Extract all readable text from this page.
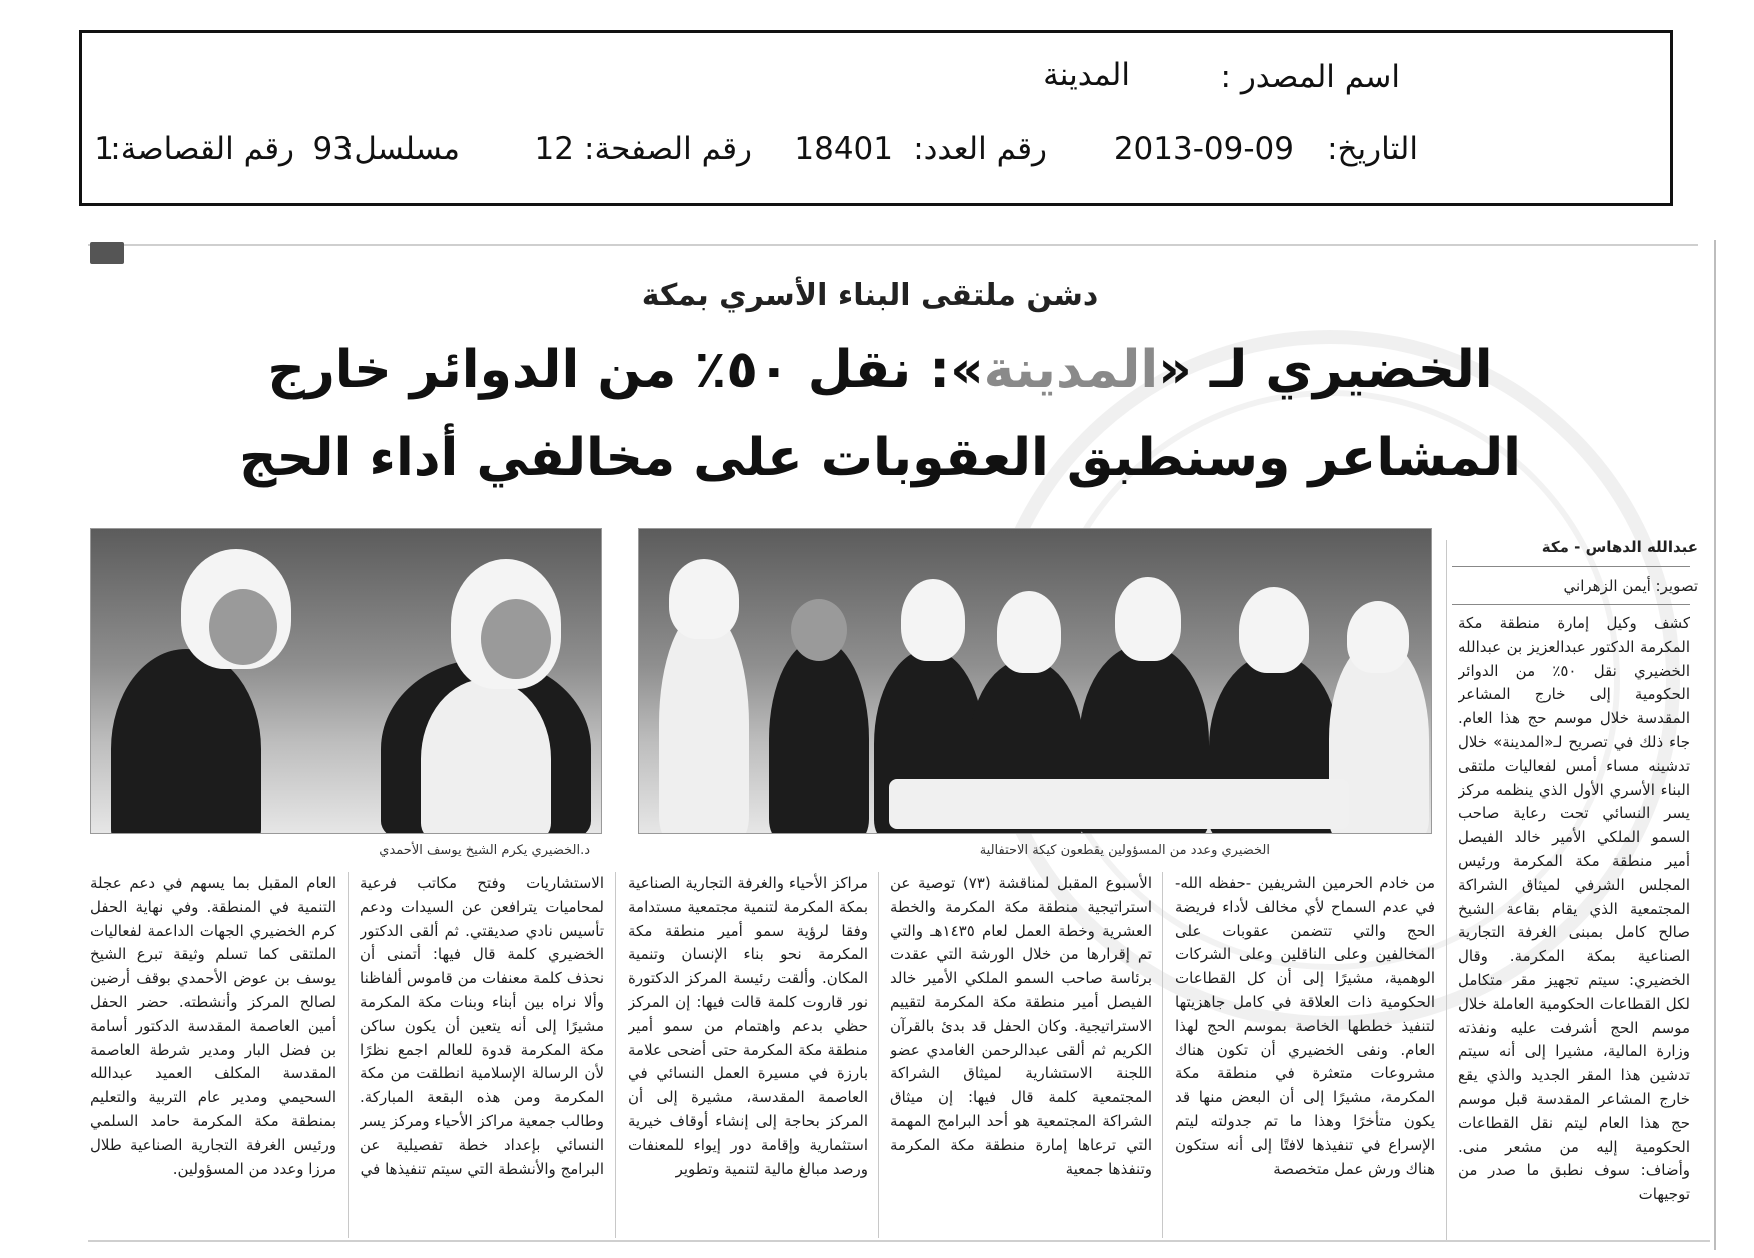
اسم المصدر :
المدينة
التاريخ:
2013-09-09
رقم العدد:
18401
رقم الصفحة:
12
مسلسل:
93
رقم القصاصة:
1
دشن ملتقى البناء الأسري بمكة
الخضيري لـ «المدينة»: نقل ٥٠٪ من الدوائر خارج
المشاعر وسنطبق العقوبات على مخالفي أداء الحج
عبدالله الدهاس - مكة
تصوير: أيمن الزهراني
الخضيري وعدد من المسؤولين يقطعون كيكة الاحتفالية
د.الخضيري يكرم الشيخ يوسف الأحمدي

كشف وكيل إمارة منطقة مكة المكرمة الدكتور عبدالعزيز بن عبدالله الخضيري نقل ٥٠٪ من الدوائر الحكومية إلى خارج المشاعر المقدسة خلال موسم حج هذا العام. جاء ذلك في تصريح لـ«المدينة» خلال تدشينه مساء أمس لفعاليات ملتقى البناء الأسري الأول الذي ينظمه مركز يسر النسائي تحت رعاية صاحب السمو الملكي الأمير خالد الفيصل أمير منطقة مكة المكرمة ورئيس المجلس الشرفي لميثاق الشراكة المجتمعية الذي يقام بقاعة الشيخ صالح كامل بمبنى الغرفة التجارية الصناعية بمكة المكرمة. وقال الخضيري: سيتم تجهيز مقر متكامل لكل القطاعات الحكومية العاملة خلال موسم الحج أشرفت عليه ونفذته وزارة المالية، مشيرا إلى أنه سيتم تدشين هذا المقر الجديد والذي يقع خارج المشاعر المقدسة قبل موسم حج هذا العام ليتم نقل القطاعات الحكومية إليه من مشعر منى. وأضاف: سوف نطبق ما صدر من توجيهات

من خادم الحرمين الشريفين -حفظه الله- في عدم السماح لأي مخالف لأداء فريضة الحج والتي تتضمن عقوبات على المخالفين وعلى الناقلين وعلى الشركات الوهمية، مشيرًا إلى أن كل القطاعات الحكومية ذات العلاقة في كامل جاهزيتها لتنفيذ خططها الخاصة بموسم الحج لهذا العام. ونفى الخضيري أن تكون هناك مشروعات متعثرة في منطقة مكة المكرمة، مشيرًا إلى أن البعض منها قد يكون متأخرًا وهذا ما تم جدولته ليتم الإسراع في تنفيذها لافتًا إلى أنه ستكون هناك ورش عمل متخصصة

الأسبوع المقبل لمناقشة (٧٣) توصية عن استراتيجية منطقة مكة المكرمة والخطة العشرية وخطة العمل لعام ١٤٣٥هـ والتي تم إقرارها من خلال الورشة التي عقدت برئاسة صاحب السمو الملكي الأمير خالد الفيصل أمير منطقة مكة المكرمة لتقييم الاستراتيجية. وكان الحفل قد بدئ بالقرآن الكريم ثم ألقى عبدالرحمن الغامدي عضو اللجنة الاستشارية لميثاق الشراكة المجتمعية كلمة قال فيها: إن ميثاق الشراكة المجتمعية هو أحد البرامج المهمة التي ترعاها إمارة منطقة مكة المكرمة وتنفذها جمعية

مراكز الأحياء والغرفة التجارية الصناعية بمكة المكرمة لتنمية مجتمعية مستدامة وفقا لرؤية سمو أمير منطقة مكة المكرمة نحو بناء الإنسان وتنمية المكان. وألقت رئيسة المركز الدكتورة نور قاروت كلمة قالت فيها: إن المركز حظي بدعم واهتمام من سمو أمير منطقة مكة المكرمة حتى أضحى علامة بارزة في مسيرة العمل النسائي في العاصمة المقدسة، مشيرة إلى أن المركز بحاجة إلى إنشاء أوقاف خيرية استثمارية وإقامة دور إيواء للمعنفات ورصد مبالغ مالية لتنمية وتطوير

الاستشاريات وفتح مكاتب فرعية لمحاميات يترافعن عن السيدات ودعم تأسيس نادي صديقتي. ثم ألقى الدكتور الخضيري كلمة قال فيها: أتمنى أن نحذف كلمة معنفات من قاموس ألفاظنا وألا نراه بين أبناء وبنات مكة المكرمة مشيرًا إلى أنه يتعين أن يكون ساكن مكة المكرمة قدوة للعالم اجمع نظرًا لأن الرسالة الإسلامية انطلقت من مكة المكرمة ومن هذه البقعة المباركة. وطالب جمعية مراكز الأحياء ومركز يسر النسائي بإعداد خطة تفصيلية عن البرامج والأنشطة التي سيتم تنفيذها في

العام المقبل بما يسهم في دعم عجلة التنمية في المنطقة. وفي نهاية الحفل كرم الخضيري الجهات الداعمة لفعاليات الملتقى كما تسلم وثيقة تبرع الشيخ يوسف بن عوض الأحمدي بوقف أرضين لصالح المركز وأنشطته. حضر الحفل أمين العاصمة المقدسة الدكتور أسامة بن فضل البار ومدير شرطة العاصمة المقدسة المكلف العميد عبدالله السحيمي ومدير عام التربية والتعليم بمنطقة مكة المكرمة حامد السلمي ورئيس الغرفة التجارية الصناعية طلال مرزا وعدد من المسؤولين.
